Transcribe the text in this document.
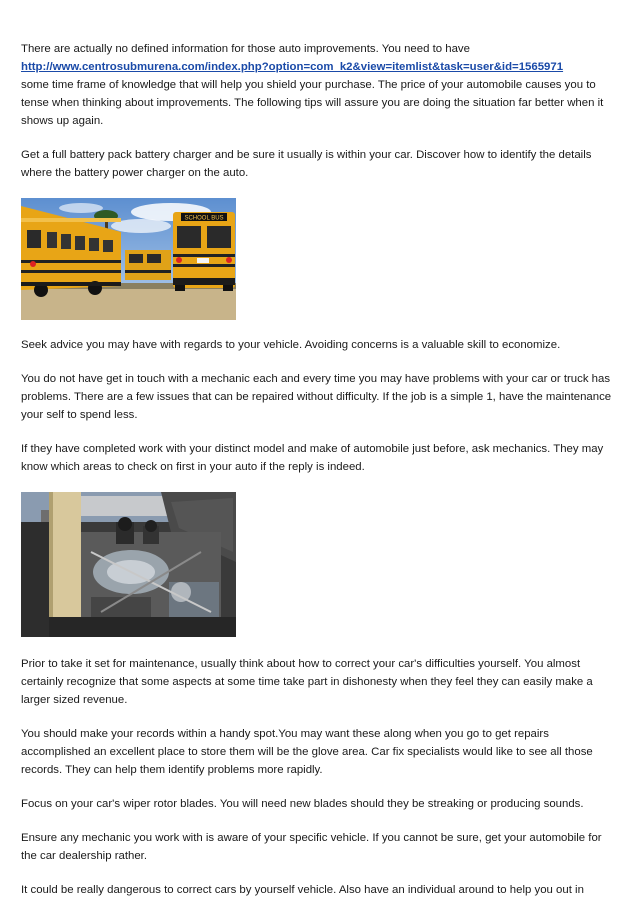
There are actually no defined information for those auto improvements. You need to have
http://www.centrosubmurena.com/index.php?option=com_k2&view=itemlist&task=user&id=1565971
some time frame of knowledge that will help you shield your purchase. The price of your automobile causes you to tense when thinking about improvements. The following tips will assure you are doing the situation far better when it shows up again.

Get a full battery pack battery charger and be sure it usually is within your car. Discover how to identify the details where the battery power charger on the auto.

SCHOOL BUS

Seek advice you may have with regards to your vehicle. Avoiding concerns is a valuable skill to economize.

You do not have get in touch with a mechanic each and every time you may have problems with your car or truck has problems. There are a few issues that can be repaired without difficulty. If the job is a simple 1, have the maintenance your self to spend less.

If they have completed work with your distinct model and make of automobile just before, ask mechanics. They may know which areas to check on first in your auto if the reply is indeed.

Prior to take it set for maintenance, usually think about how to correct your car's difficulties yourself. You almost certainly recognize that some aspects at some time take part in dishonesty when they feel they can easily make a larger sized revenue.

You should make your records within a handy spot.You may want these along when you go to get repairs accomplished an excellent place to store them will be the glove area. Car fix specialists would like to see all those records. They can help them identify problems more rapidly.

Focus on your car's wiper rotor blades. You will need new blades should they be streaking or producing sounds.

Ensure any mechanic you work with is aware of your specific vehicle. If you cannot be sure, get your automobile for the car dealership rather.

It could be really dangerous to correct cars by yourself vehicle. Also have an individual around to help you out in
